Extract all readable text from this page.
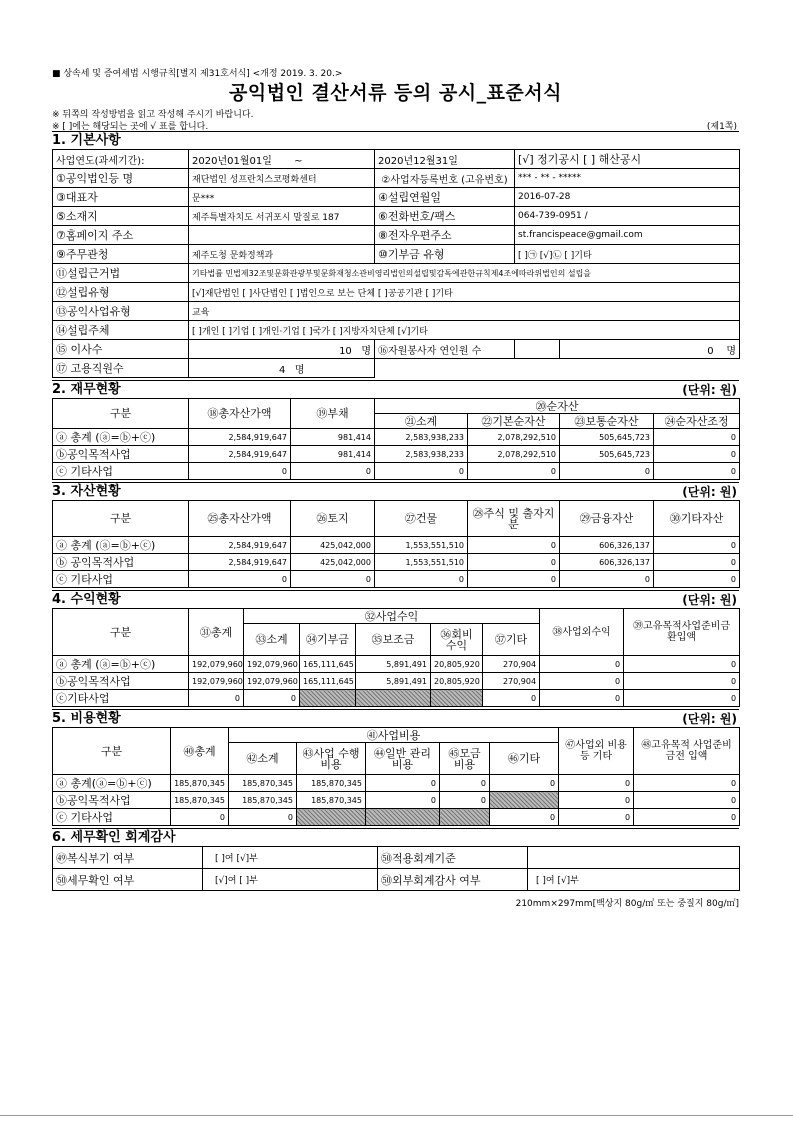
■ 상속세 및 증여세법 시행규칙[별지 제31호서식] <개정 2019. 3. 20.>
공익법인 결산서류 등의 공시_표준서식
※ 뒤쪽의 작성방법을 읽고 작성해 주시기 바랍니다.
※ [ ]에는 해당되는 곳에 √ 표를 합니다.	(제1쪽)
1. 기본사항
사업연도(과세기간):	2020년01월01일 ~	2020년12월31일	[√] 정기공시 [ ] 해산공시	
①공익법인등 명	재단법인 성프란치스코평화센터	②사업자등록번호 (고유번호)	*** - ** - *****	
③대표자	문***	④설립연월일	2016-07-28	
⑤소재지	제주특별자치도 서귀포시 말질로 187	⑥전화번호/팩스	064-739-0951 /	
⑦홈페이지 주소		⑧전자우편주소	st.francispeace@gmail.com	
⑨주무관청	제주도청 문화정책과	⑩기부금 유형	[ ]㉠ [√]㉡ [ ]기타	
⑪설립근거법	기타법률 민법제32조및문화관광부및문화재청소관비영리법인의설립및감독에관한규칙제4조에따라위법인의 설립을			
⑫설립유형	[√]재단법인 [ ]사단법인 [ ]법인으로 보는 단체 [ ]공공기관 [ ]기타			
⑬공익사업유형	교육			
⑭설립주체	[ ]개인 [ ]기업 [ ]개인·기업 [ ]국가 [ ]지방자치단체 [√]기타			
⑮ 이사수	10 명	⑯자원봉사자 연인원 수		0 명
⑰ 고용직원수	4 명			
2. 재무현황	(단위: 원)
구분	⑱총자산가액	⑲부채	⑳순자산			
			㉑소계	㉒기본순자산	㉓보통순자산	㉔순자산조정
ⓐ 총계 (ⓐ=ⓑ+ⓒ)	2,584,919,647	981,414	2,583,938,233	2,078,292,510	505,645,723	0
ⓑ공익목적사업	2,584,919,647	981,414	2,583,938,233	2,078,292,510	505,645,723	0
ⓒ 기타사업	0	0	0	0	0	0
3. 자산현황	(단위: 원)
구분	㉕총자산가액	㉖토지	㉗건물	㉘주식 및 출자지분	㉙금융자산	㉚기타자산
ⓐ 총계 (ⓐ=ⓑ+ⓒ)	2,584,919,647	425,042,000	1,553,551,510	0	606,326,137	0
ⓑ 공익목적사업	2,584,919,647	425,042,000	1,553,551,510	0	606,326,137	0
ⓒ 기타사업	0	0	0	0	0	0
4. 수익현황	(단위: 원)
구분	㉛총계	㉜사업수익					㊳사업외수익	㊴고유목적사업준비금 환입액
		㉝소계	㉞기부금	㉟보조금	㊱회비 수익	㊲기타		
ⓐ 총계 (ⓐ=ⓑ+ⓒ)	192,079,960	192,079,960	165,111,645	5,891,491	20,805,920	270,904	0	0
ⓑ공익목적사업	192,079,960	192,079,960	165,111,645	5,891,491	20,805,920	270,904	0	0
ⓒ기타사업	0	0				0	0	0
5. 비용현황	(단위: 원)
구분	㊵총계	㊶사업비용					㊼사업외 비용 등 기타	㊽고유목적 사업준비금전 입액
		㊷소계	㊸사업 수행비용	㊹일반 관리비용	㊺모금 비용	㊻기타		
ⓐ 총계(ⓐ=ⓑ+ⓒ)	185,870,345	185,870,345	185,870,345	0	0	0	0	0
ⓑ공익목적사업	185,870,345	185,870,345	185,870,345	0	0		0	0
ⓒ 기타사업	0	0				0	0	0
6. 세무확인 회계감사
㊾복식부기 여부	[ ]여 [√]부	㊿적용회계기준	
㊿세무확인 여부	[√]여 [ ]부	㊿외부회계감사 여부	[ ]여 [√]부
210mm×297mm[백상지 80g/㎡ 또는 중질지 80g/㎡]
